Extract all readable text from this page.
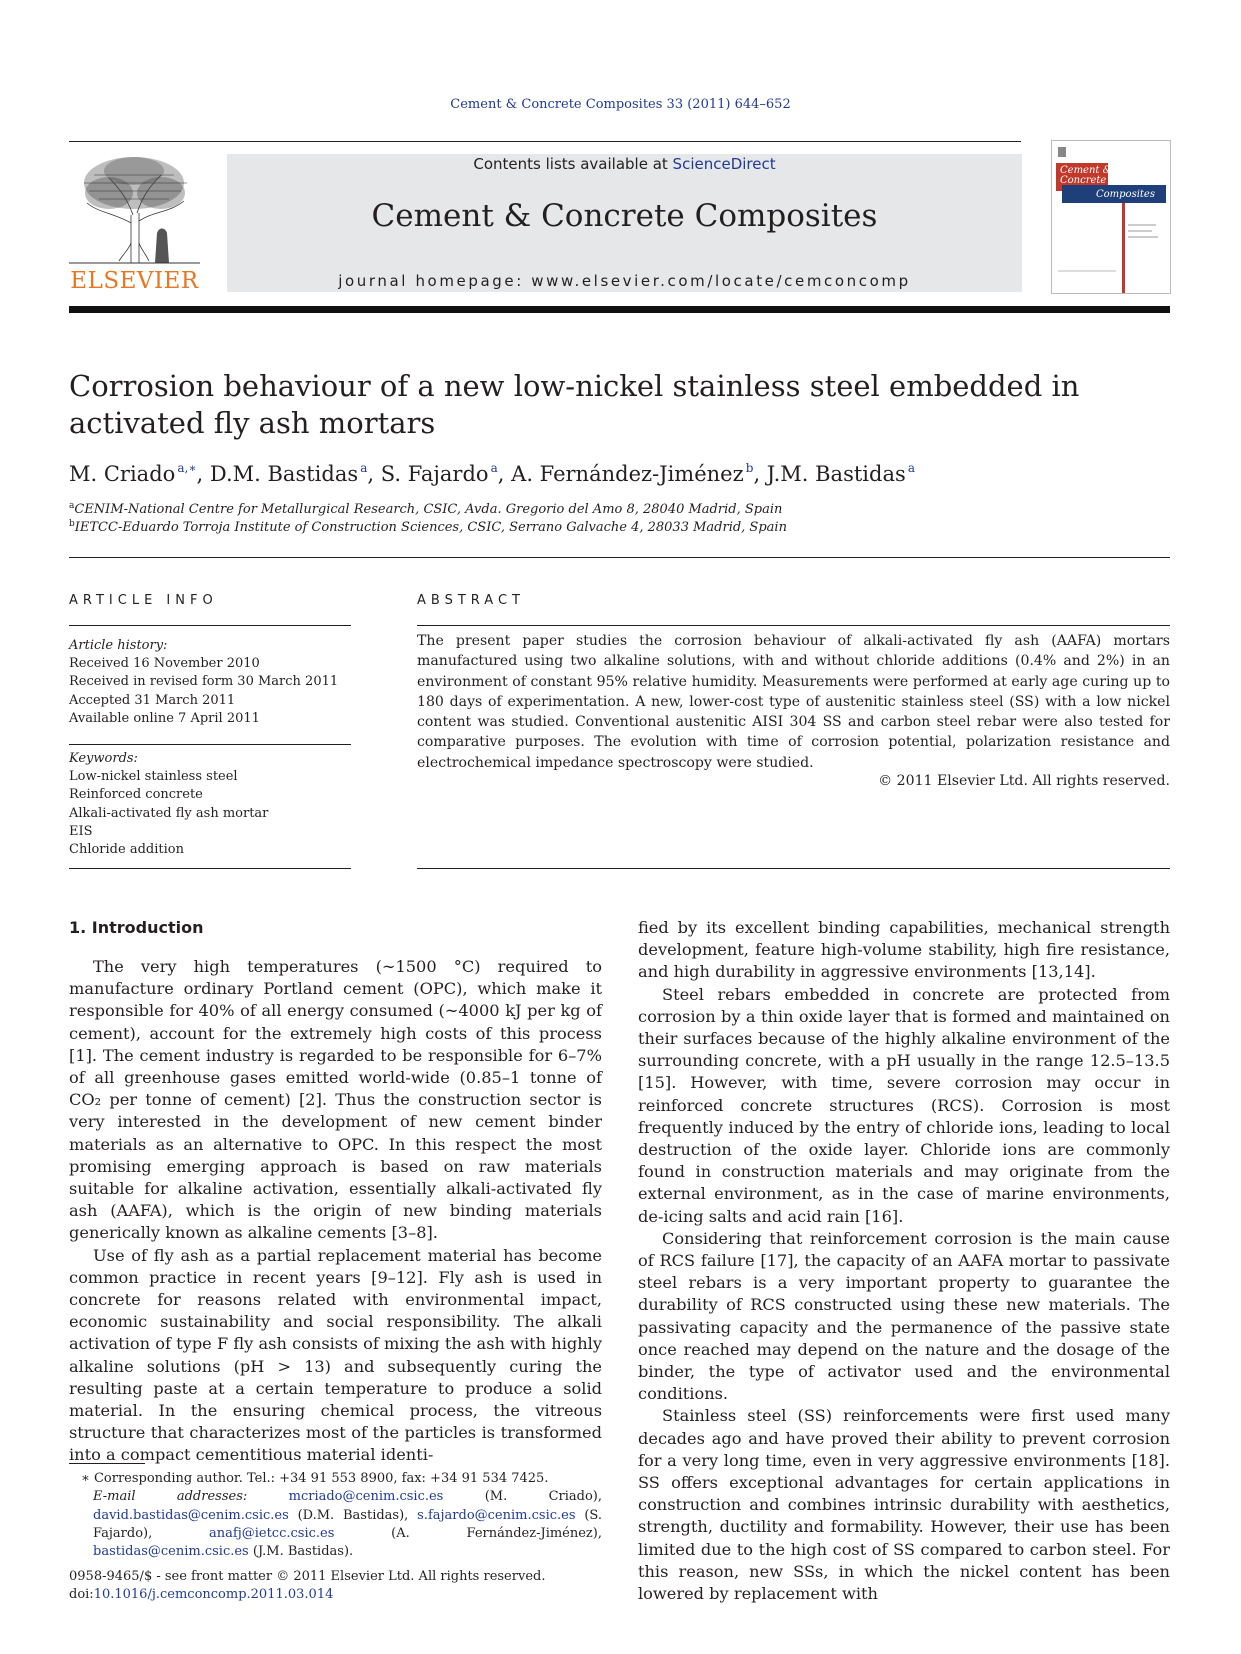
Cement & Concrete Composites 33 (2011) 644–652
ELSEVIER
Contents lists available at ScienceDirect
Cement & Concrete Composites
journal homepage: www.elsevier.com/locate/cemconcomp
Cement &
Concrete
Composites
Corrosion behaviour of a new low-nickel stainless steel embedded in activated fly ash mortars
M. Criado  $^{a,∗}$, D.M. Bastidas  $^a$, S. Fajardo  $^a$, A. Fernández-Jiménez  $^b$, J.M. Bastidas  $^a$
$^a$CENIM-National Centre for Metallurgical Research, CSIC, Avda. Gregorio del Amo 8, 28040 Madrid, Spain
$^b$IETCC-Eduardo Torroja Institute of Construction Sciences, CSIC, Serrano Galvache 4, 28033 Madrid, Spain
ARTICLE INFO
Article history:
Received 16 November 2010
Received in revised form 30 March 2011
Accepted 31 March 2011
Available online 7 April 2011
Keywords:
Low-nickel stainless steel
Reinforced concrete
Alkali-activated fly ash mortar
EIS
Chloride addition
ABSTRACT
The present paper studies the corrosion behaviour of alkali-activated fly ash (AAFA) mortars manufactured using two alkaline solutions, with and without chloride additions (0.4% and 2%) in an environment of constant 95% relative humidity. Measurements were performed at early age curing up to 180 days of experimentation. A new, lower-cost type of austenitic stainless steel (SS) with a low nickel content was studied. Conventional austenitic AISI 304 SS and carbon steel rebar were also tested for comparative purposes. The evolution with time of corrosion potential, polarization resistance and electrochemical impedance spectroscopy were studied.
© 2011 Elsevier Ltd. All rights reserved.
1. Introduction

The very high temperatures (∼1500 °C) required to manufacture ordinary Portland cement (OPC), which make it responsible for 40% of all energy consumed (∼4000 kJ per kg of cement), account for the extremely high costs of this process [1]. The cement industry is regarded to be responsible for 6–7% of all greenhouse gases emitted world-wide (0.85–1 tonne of CO₂ per tonne of cement) [2]. Thus the construction sector is very interested in the development of new cement binder materials as an alternative to OPC. In this respect the most promising emerging approach is based on raw materials suitable for alkaline activation, essentially alkali-activated fly ash (AAFA), which is the origin of new binding materials generically known as alkaline cements [3–8].

Use of fly ash as a partial replacement material has become common practice in recent years [9–12]. Fly ash is used in concrete for reasons related with environmental impact, economic sustainability and social responsibility. The alkali activation of type F fly ash consists of mixing the ash with highly alkaline solutions (pH > 13) and subsequently curing the resulting paste at a certain temperature to produce a solid material. In the ensuring chemical process, the vitreous structure that characterizes most of the particles is transformed into a compact cementitious material identi-

fied by its excellent binding capabilities, mechanical strength development, feature high-volume stability, high fire resistance, and high durability in aggressive environments [13,14].

Steel rebars embedded in concrete are protected from corrosion by a thin oxide layer that is formed and maintained on their surfaces because of the highly alkaline environment of the surrounding concrete, with a pH usually in the range 12.5–13.5 [15]. However, with time, severe corrosion may occur in reinforced concrete structures (RCS). Corrosion is most frequently induced by the entry of chloride ions, leading to local destruction of the oxide layer. Chloride ions are commonly found in construction materials and may originate from the external environment, as in the case of marine environments, de-icing salts and acid rain [16].

Considering that reinforcement corrosion is the main cause of RCS failure [17], the capacity of an AAFA mortar to passivate steel rebars is a very important property to guarantee the durability of RCS constructed using these new materials. The passivating capacity and the permanence of the passive state once reached may depend on the nature and the dosage of the binder, the type of activator used and the environmental conditions.

Stainless steel (SS) reinforcements were first used many decades ago and have proved their ability to prevent corrosion for a very long time, even in very aggressive environments [18]. SS offers exceptional advantages for certain applications in construction and combines intrinsic durability with aesthetics, strength, ductility and formability. However, their use has been limited due to the high cost of SS compared to carbon steel. For this reason, new SSs, in which the nickel content has been lowered by replacement with

∗ Corresponding author. Tel.: +34 91 553 8900, fax: +34 91 534 7425.
E-mail addresses:	mcriado@cenim.csic.es	(M. Criado), david.bastidas@cenim.csic.es (D.M. Bastidas), s.fajardo@cenim.csic.es (S. Fajardo),	anafj@ietcc.csic.es	(A. Fernández-Jiménez), bastidas@cenim.csic.es (J.M. Bastidas).
0958-9465/$ - see front matter © 2011 Elsevier Ltd. All rights reserved.
doi:10.1016/j.cemconcomp.2011.03.014
